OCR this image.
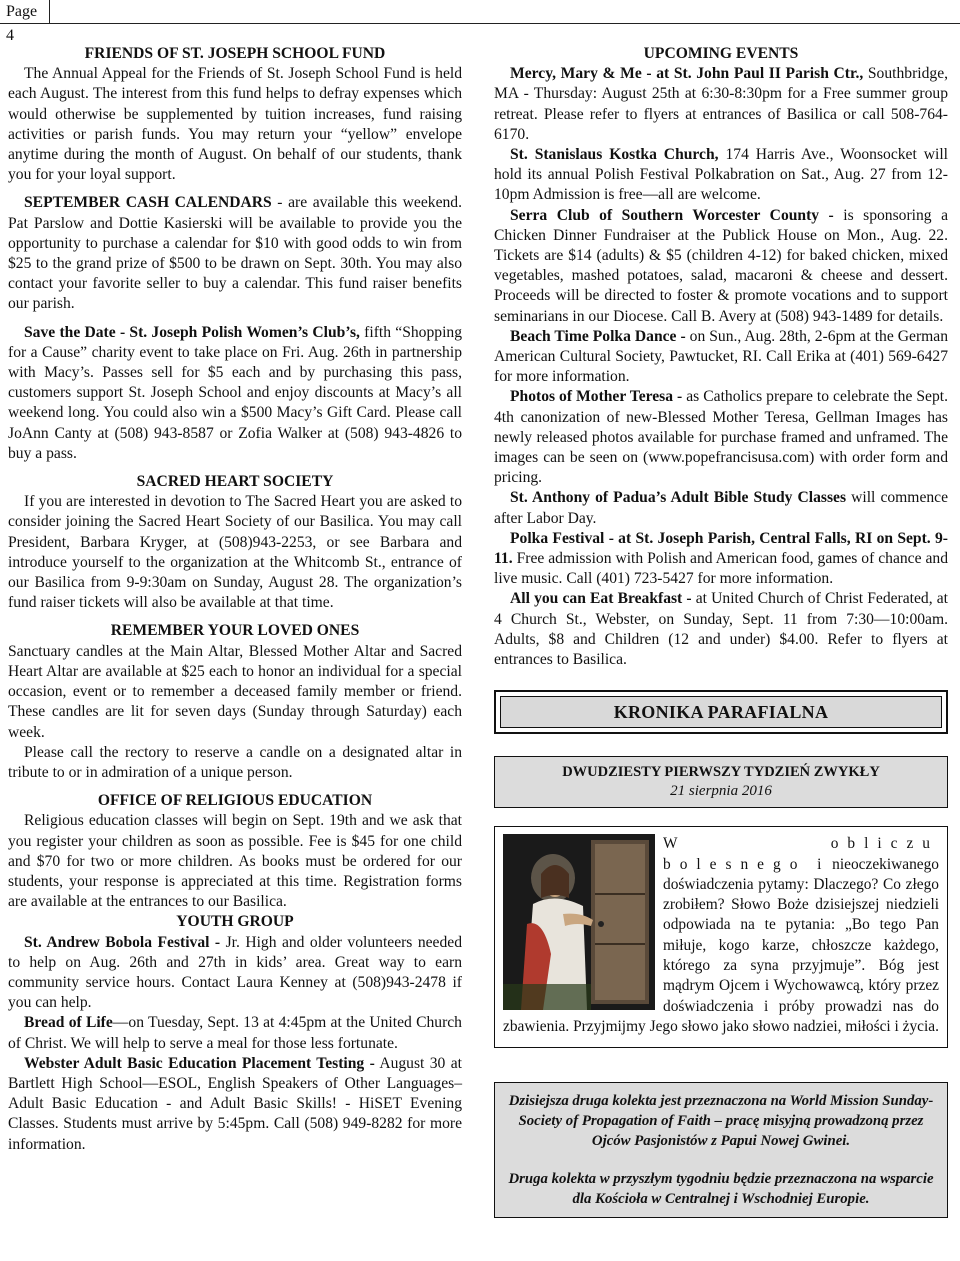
Page 4

FRIENDS OF ST. JOSEPH SCHOOL FUND

The Annual Appeal for the Friends of St. Joseph School Fund is held each August. The interest from this fund helps to defray expenses which would otherwise be supplemented by tuition increases, fund raising activities or parish funds. You may return your “yellow” envelope anytime during the month of August. On behalf of our students, thank you for your loyal support.

SEPTEMBER CASH CALENDARS - are available this weekend. Pat Parslow and Dottie Kasierski will be available to provide you the opportunity to purchase a calendar for $10 with good odds to win from $25 to the grand prize of $500 to be drawn on Sept. 30th. You may also contact your favorite seller to buy a calendar. This fund raiser benefits our parish.

Save the Date - St. Joseph Polish Women’s Club’s, fifth “Shopping for a Cause” charity event to take place on Fri. Aug. 26th in partnership with Macy’s. Passes sell for $5 each and by purchasing this pass, customers support St. Joseph School and enjoy discounts at Macy’s all weekend long. You could also win a $500 Macy’s Gift Card. Please call JoAnn Canty at (508) 943-8587 or Zofia Walker at (508) 943-4826 to buy a pass.

SACRED HEART SOCIETY

If you are interested in devotion to The Sacred Heart you are asked to consider joining the Sacred Heart Society of our Basilica. You may call President, Barbara Kryger, at (508)943-2253, or see Barbara and introduce yourself to the organization at the Whitcomb St., entrance of our Basilica from 9-9:30am on Sunday, August 28. The organization’s fund raiser tickets will also be available at that time.

REMEMBER YOUR LOVED ONES

Sanctuary candles at the Main Altar, Blessed Mother Altar and Sacred Heart Altar are available at $25 each to honor an individual for a special occasion, event or to remember a deceased family member or friend. These candles are lit for seven days (Sunday through Saturday) each week.

Please call the rectory to reserve a candle on a designated altar in tribute to or in admiration of a unique person.

OFFICE OF RELIGIOUS EDUCATION

Religious education classes will begin on Sept. 19th and we ask that you register your children as soon as possible. Fee is $45 for one child and $70 for two or more children. As books must be ordered for our students, your response is appreciated at this time. Registration forms are available at the entrances to our Basilica.

YOUTH GROUP

St. Andrew Bobola Festival - Jr. High and older volunteers needed to help on Aug. 26th and 27th in kids’ area. Great way to earn community service hours. Contact Laura Kenney at (508)943-2478 if you can help.

Bread of Life—on Tuesday, Sept. 13 at 4:45pm at the United Church of Christ. We will help to serve a meal for those less fortunate.

Webster Adult Basic Education Placement Testing - August 30 at Bartlett High School—ESOL, English Speakers of Other Languages– Adult Basic Education - and Adult Basic Skills! - HiSET Evening Classes. Students must arrive by 5:45pm. Call (508) 949-8282 for more information.

UPCOMING EVENTS

Mercy, Mary & Me - at St. John Paul II Parish Ctr., Southbridge, MA - Thursday: August 25th at 6:30-8:30pm for a Free summer group retreat. Please refer to flyers at entrances of Basilica or call 508-764-6170.

St. Stanislaus Kostka Church, 174 Harris Ave., Woonsocket will hold its annual Polish Festival Polkabration on Sat., Aug. 27 from 12-10pm Admission is free—all are welcome.

Serra Club of Southern Worcester County - is sponsoring a Chicken Dinner Fundraiser at the Publick House on Mon., Aug. 22. Tickets are $14 (adults) & $5 (children 4-12) for baked chicken, mixed vegetables, mashed potatoes, salad, macaroni & cheese and dessert. Proceeds will be directed to foster & promote vocations and to support seminarians in our Diocese. Call B. Avery at (508) 943-1489 for details.

Beach Time Polka Dance - on Sun., Aug. 28th, 2-6pm at the German American Cultural Society, Pawtucket, RI. Call Erika at (401) 569-6427 for more information.

Photos of Mother Teresa - as Catholics prepare to celebrate the Sept. 4th canonization of new-Blessed Mother Teresa, Gellman Images has newly released photos available for purchase framed and unframed. The images can be seen on (www.popefrancisusa.com) with order form and pricing.

St. Anthony of Padua’s Adult Bible Study Classes will commence after Labor Day.

Polka Festival - at St. Joseph Parish, Central Falls, RI on Sept. 9-11. Free admission with Polish and American food, games of chance and live music. Call (401) 723-5427 for more information.

All you can Eat Breakfast - at United Church of Christ Federated, at 4 Church St., Webster, on Sunday, Sept. 11 from 7:30—10:00am. Adults, $8 and Children (12 and under) $4.00. Refer to flyers at entrances to Basilica.

KRONIKA PARAFIALNA
DWUDZIESTY PIERWSZY TYDZIEŃ ZWYKŁY
21 sierpnia 2016
W obliczu bolesnego i nieoczekiwanego doświadczenia pytamy: Dlaczego? Co złego zrobiłem? Słowo Boże dzisiejszej niedzieli odpowiada na te pytania: „Bo tego Pan miłuje, kogo karze, chłoszcze każdego, którego za syna przyjmuje”. Bóg jest mądrym Ojcem i Wychowawcą, który przez doświadczenia i próby prowadzi nas do zbawienia. Przyjmijmy Jego słowo jako słowo nadziei, miłości i życia.
Dzisiejsza druga kolekta jest przeznaczona na World Mission Sunday-Society of Propagation of Faith – pracę misyjną prowadzoną przez Ojców Pasjonistów z Papui Nowej Gwinei.
Druga kolekta w przyszłym tygodniu będzie przeznaczona na wsparcie dla Kościoła w Centralnej i Wschodniej Europie.
